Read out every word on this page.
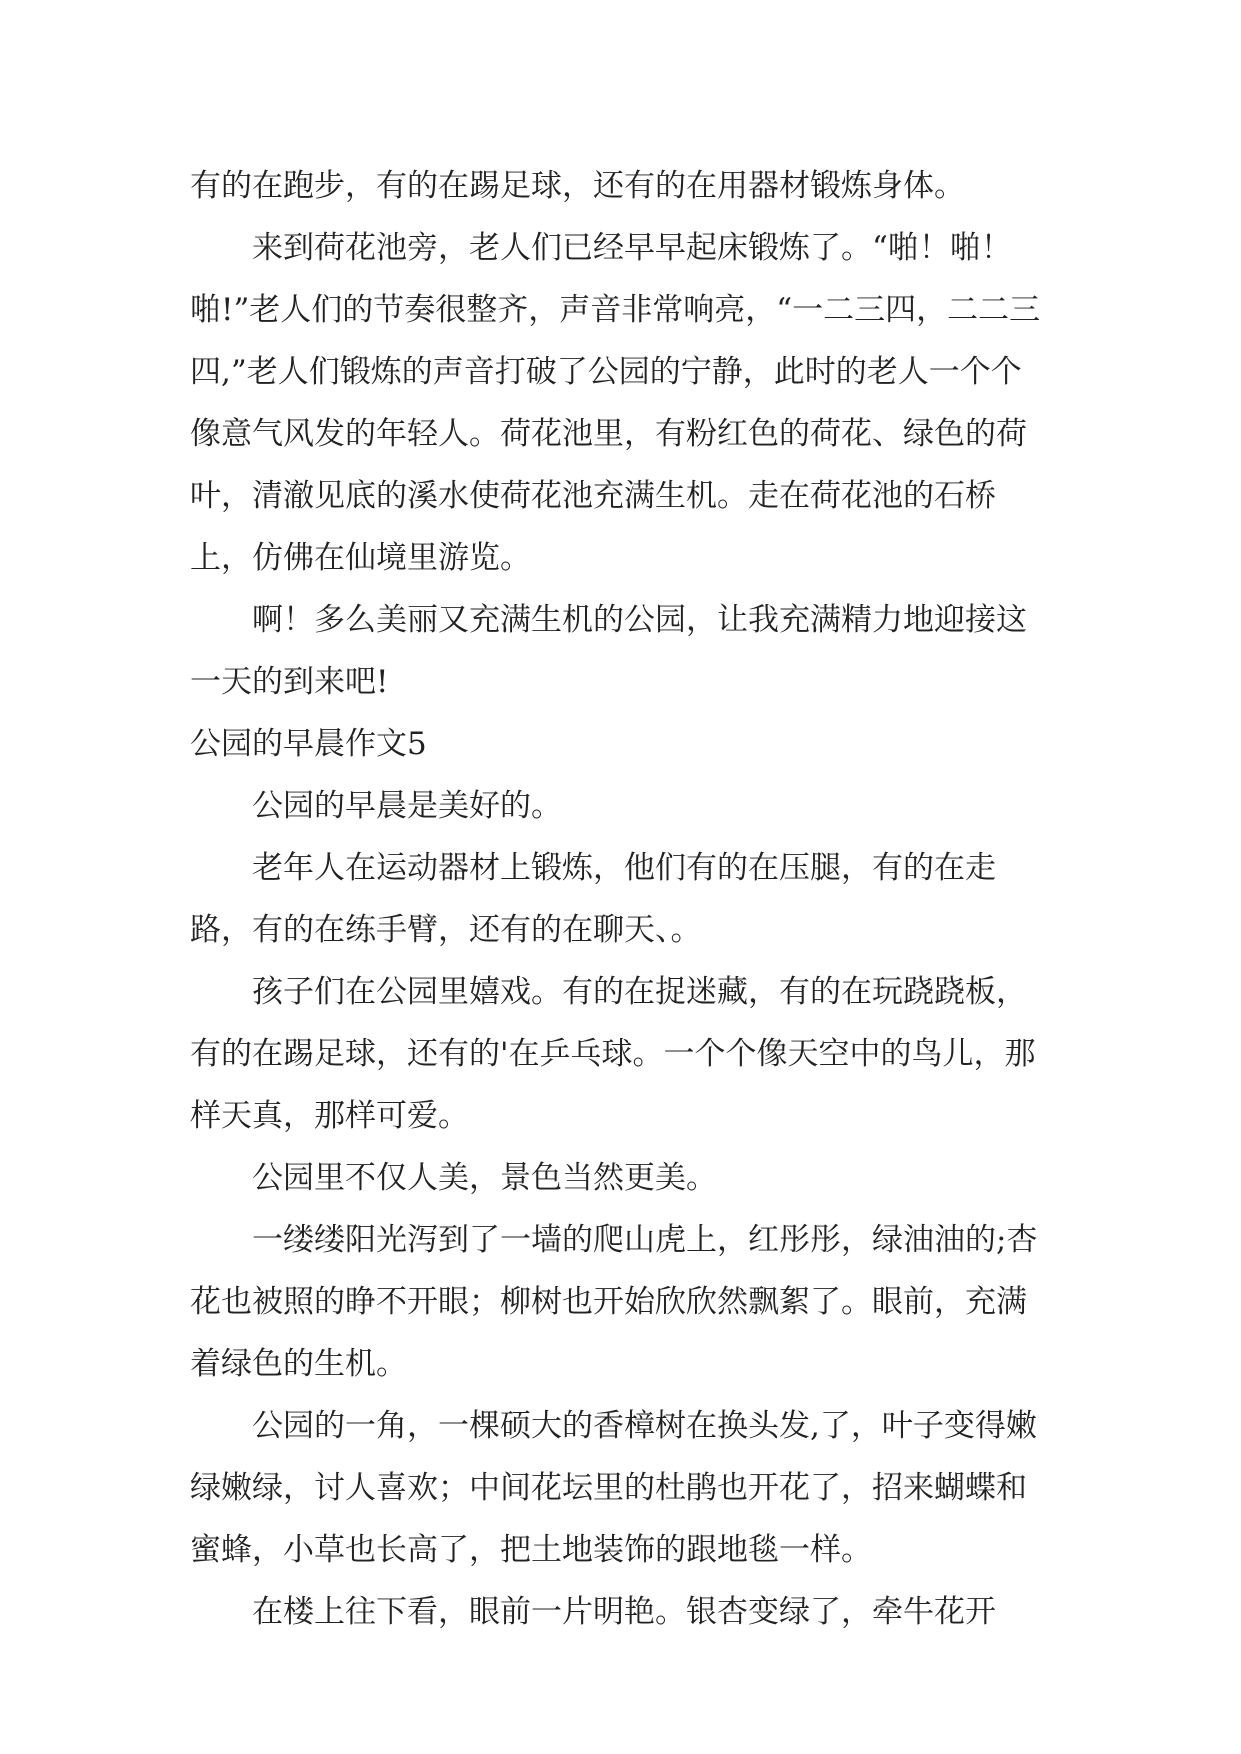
有的在跑步，有的在踢足球，还有的在用器材锻炼身体。

来到荷花池旁，老人们已经早早起床锻炼了。“啪！啪！啪!”老人们的节奏很整齐，声音非常响亮，“一二三四，二二三四,”老人们锻炼的声音打破了公园的宁静，此时的老人一个个像意气风发的年轻人。荷花池里，有粉红色的荷花、绿色的荷叶，清澈见底的溪水使荷花池充满生机。走在荷花池的石桥上，仿佛在仙境里游览。

啊！多么美丽又充满生机的公园，让我充满精力地迎接这一天的到来吧!

公园的早晨作文5

公园的早晨是美好的。

老年人在运动器材上锻炼，他们有的在压腿，有的在走路，有的在练手臂，还有的在聊天、。

孩子们在公园里嬉戏。有的在捉迷藏，有的在玩跷跷板，有的在踢足球，还有的'在乒乓球。一个个像天空中的鸟儿，那样天真，那样可爱。

公园里不仅人美，景色当然更美。

一缕缕阳光泻到了一墙的爬山虎上，红彤彤，绿油油的;杏花也被照的睁不开眼；柳树也开始欣欣然飘絮了。眼前，充满着绿色的生机。

公园的一角，一棵硕大的香樟树在换头发,了，叶子变得嫩绿嫩绿，讨人喜欢；中间花坛里的杜鹃也开花了，招来蝴蝶和蜜蜂，小草也长高了，把土地装饰的跟地毯一样。

在楼上往下看，眼前一片明艳。银杏变绿了，牵牛花开
